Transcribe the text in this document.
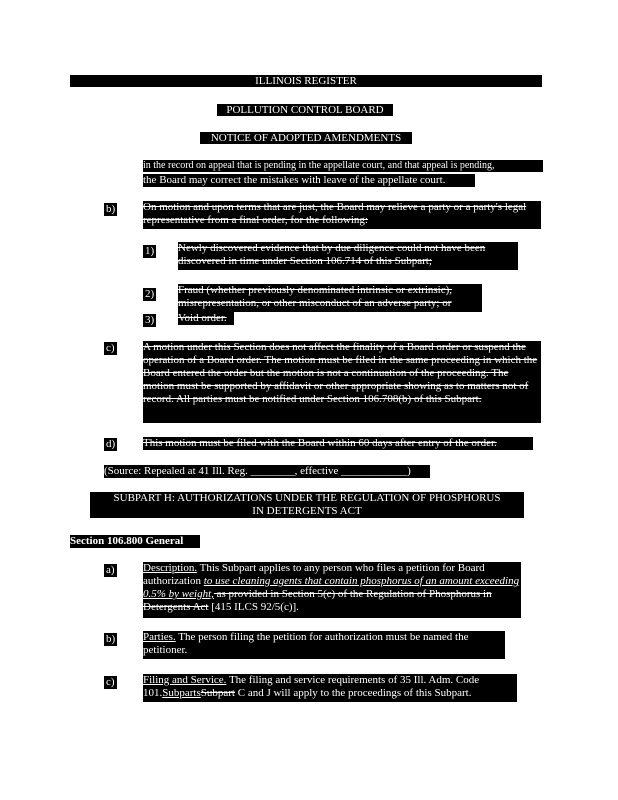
ILLINOIS REGISTER
POLLUTION CONTROL BOARD
NOTICE OF ADOPTED AMENDMENTS
in the record on appeal that is pending in the appellate court, and that appeal is pending,
the Board may correct the mistakes with leave of the appellate court.
b)	On motion and upon terms that are just, the Board may relieve a party or a party's legal representative from a final order, for the following:
1) Newly discovered evidence that by due diligence could not have been discovered in time under Section 106.714 of this Subpart;
2) Fraud (whether previously denominated intrinsic or extrinsic), misrepresentation, or other misconduct of an adverse party; or
3) Void order.
c)	A motion under this Section does not affect the finality of a Board order or suspend the operation of a Board order. The motion must be filed in the same proceeding in which the Board entered the order but the motion is not a continuation of the proceeding. The motion must be supported by affidavit or other appropriate showing as to matters not of record. All parties must be notified under Section 106.708(b) of this Subpart.
d)	This motion must be filed with the Board within 60 days after entry of the order.
(Source: Repealed at 41 Ill. Reg. ________, effective ____________)
SUBPART H: AUTHORIZATIONS UNDER THE REGULATION OF PHOSPHORUS
IN DETERGENTS ACT
Section 106.800 General
a)	Description. This Subpart applies to any person who files a petition for Board authorization to use cleaning agents that contain phosphorus of an amount exceeding 0.5% by weight, as provided in Section 5(c) of the Regulation of Phosphorus in Detergents Act [415 ILCS 92/5(c)].
b)	Parties. The person filing the petition for authorization must be named the petitioner.
c)	Filing and Service. The filing and service requirements of 35 Ill. Adm. Code 101.SubpartsSubpart C and J will apply to the proceedings of this Subpart.
